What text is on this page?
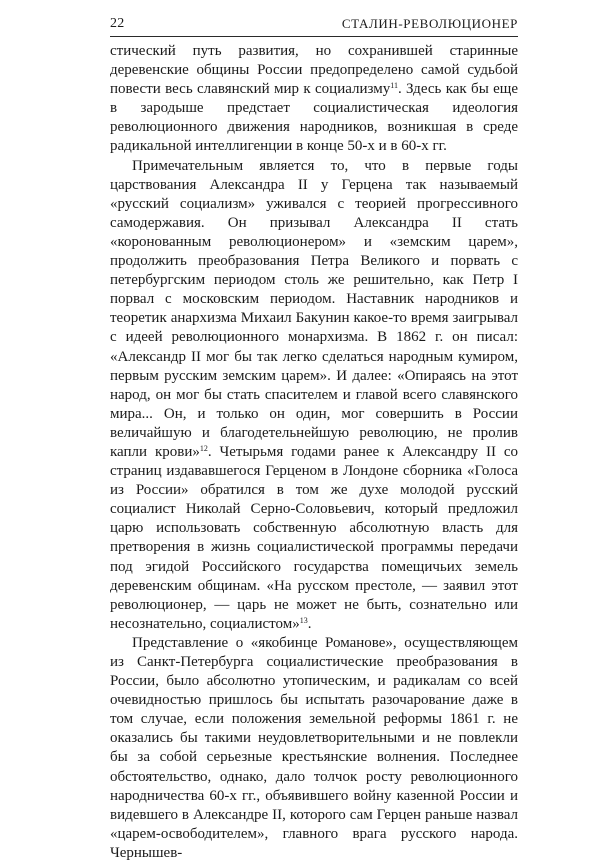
22	СТАЛИН-РЕВОЛЮЦИОНЕР

стический путь развития, но сохранившей старинные деревенские общины России предопределено самой судьбой повести весь славянский мир к социализму$^{11}$. Здесь как бы еще в зародыше предстает социалистическая идеология революционного движения народников, возникшая в среде радикальной интеллигенции в конце 50-х и в 60-х гг.

Примечательным является то, что в первые годы царствования Александра II у Герцена так называемый «русский социализм» уживался с теорией прогрессивного самодержавия. Он призывал Александра II стать «коронованным революционером» и «земским царем», продолжить преобразования Петра Великого и порвать с петербургским периодом столь же решительно, как Петр I порвал с московским периодом. Наставник народников и теоретик анархизма Михаил Бакунин какое-то время заигрывал с идеей революционного монархизма. В 1862 г. он писал: «Александр II мог бы так легко сделаться народным кумиром, первым русским земским царем». И далее: «Опираясь на этот народ, он мог бы стать спасителем и главой всего славянского мира... Он, и только он один, мог совершить в России величайшую и благодетельнейшую революцию, не пролив капли крови»$^{12}$. Четырьмя годами ранее к Александру II со страниц издававшегося Герценом в Лондоне сборника «Голоса из России» обратился в том же духе молодой русский социалист Николай Серно-Соловьевич, который предложил царю использовать собственную абсолютную власть для претворения в жизнь социалистической программы передачи под эгидой Российского государства помещичьих земель деревенским общинам. «На русском престоле, — заявил этот революционер, — царь не может не быть, сознательно или несознательно, социалистом»$^{13}$.

Представление о «якобинце Романове», осуществляющем из Санкт-Петербурга социалистические преобразования в России, было абсолютно утопическим, и радикалам со всей очевидностью пришлось бы испытать разочарование даже в том случае, если положения земельной реформы 1861 г. не оказались бы такими неудовлетворительными и не повлекли бы за собой серьезные крестьянские волнения. Последнее обстоятельство, однако, дало толчок росту революционного народничества 60-х гг., объявившего войну казенной России и видевшего в Александре II, которого сам Герцен раньше назвал «царем-освободителем», главного врага русского народа. Чернышев-
